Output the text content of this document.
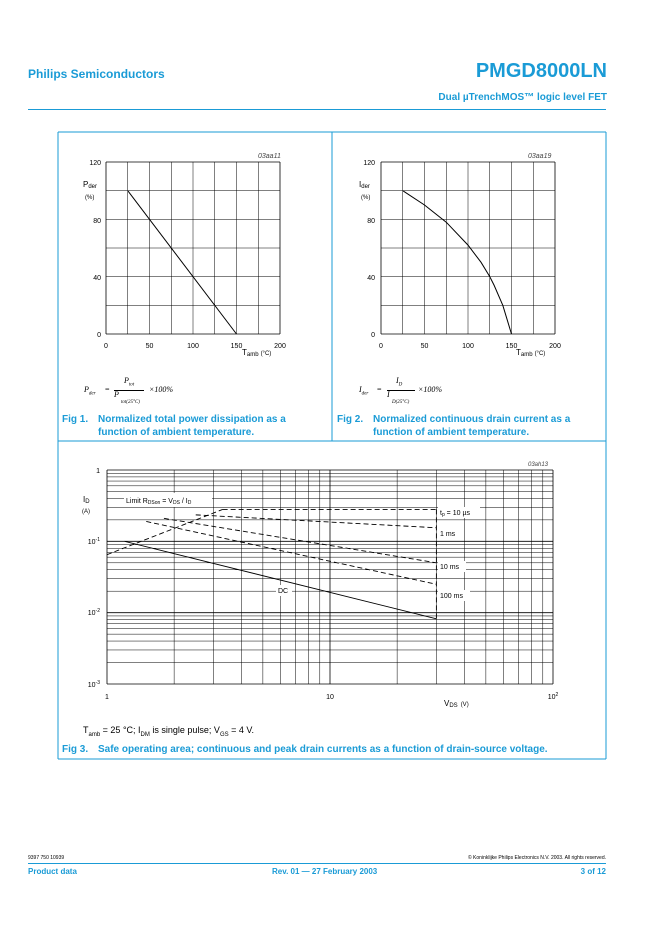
Philips Semiconductors	PMGD8000LN
Dual µTrenchMOS™ logic level FET
03aa11
120
80
40
0
0	50	100	150	200
Pder
(%)
Tamb (°C)
$P_{der}$
=
$P_{tot}$
P
tot(25°C)
×100%
Fig 1. Normalized total power dissipation as a
function of ambient temperature.
03aa19
120
80
40
0
0	50	100	150	200
Ider
(%)
Tamb (°C)
$I_{der}$
=
$I_D$
I
D(25°C)
×100%
Fig 2. Normalized continuous drain current as a
function of ambient temperature.
03ah13
1
$10^{-1}$
$10^{-2}$
$10^{-3}$
1	10	$10^2$
ID
(A)
VDS (V)
Limit RDSon = VDS / ID
tp = 10 µs
1 ms
10 ms
100 ms
DC
$T_{amb} = 25$ °C; $I_{DM}$ is single pulse; $V_{GS} = 4$ V.
Fig 3. Safe operating area; continuous and peak drain currents as a function of drain-source voltage.
9397 750 10939	© Koninklijke Philips Electronics N.V. 2003. All rights reserved.
Product data	Rev. 01 — 27 February 2003	3 of 12
